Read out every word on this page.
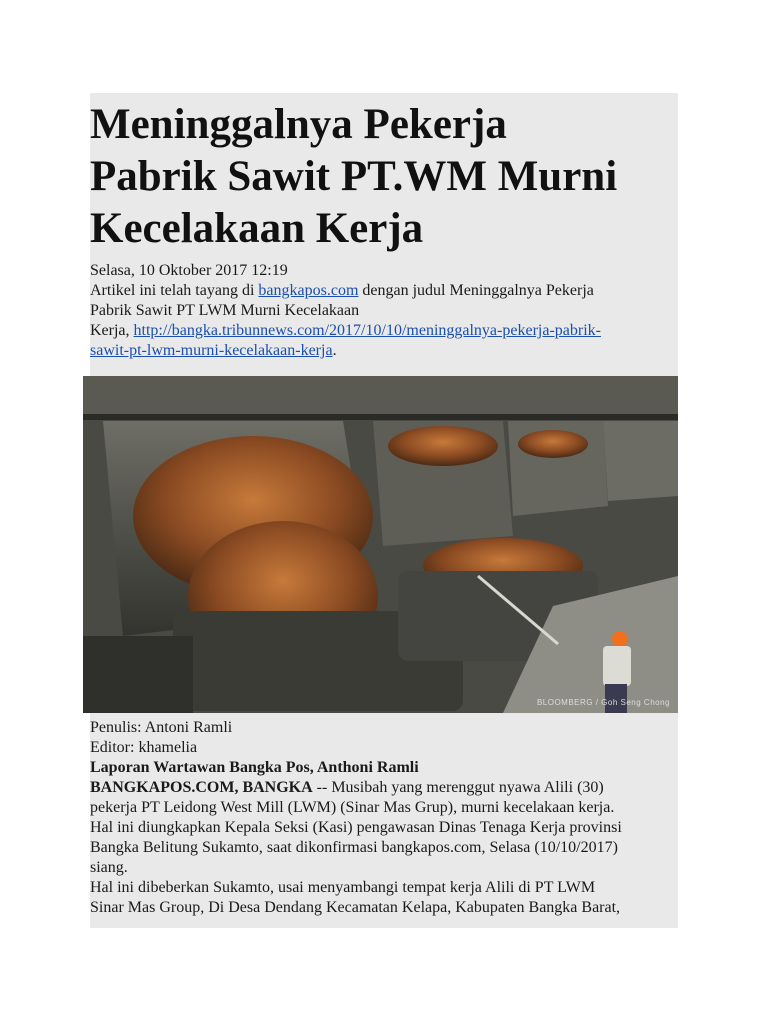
Meninggalnya Pekerja
Pabrik Sawit PT.WM Murni
Kecelakaan Kerja
Selasa, 10 Oktober 2017 12:19
Artikel ini telah tayang di bangkapos.com dengan judul Meninggalnya Pekerja
Pabrik Sawit PT LWM Murni Kecelakaan
Kerja, http://bangka.tribunnews.com/2017/10/10/meninggalnya-pekerja-pabrik-
sawit-pt-lwm-murni-kecelakaan-kerja.
BLOOMBERG / Goh Seng Chong

Penulis: Antoni Ramli

Editor: khamelia

Laporan Wartawan Bangka Pos, Anthoni Ramli

BANGKAPOS.COM, BANGKA -- Musibah yang merenggut nyawa Alili (30)

pekerja PT Leidong West Mill (LWM) (Sinar Mas Grup), murni kecelakaan kerja.

Hal ini diungkapkan Kepala Seksi (Kasi) pengawasan Dinas Tenaga Kerja provinsi

Bangka Belitung Sukamto, saat dikonfirmasi bangkapos.com, Selasa (10/10/2017)

siang.

Hal ini dibeberkan Sukamto, usai menyambangi tempat kerja Alili di PT LWM

Sinar Mas Group, Di Desa Dendang Kecamatan Kelapa, Kabupaten Bangka Barat,
